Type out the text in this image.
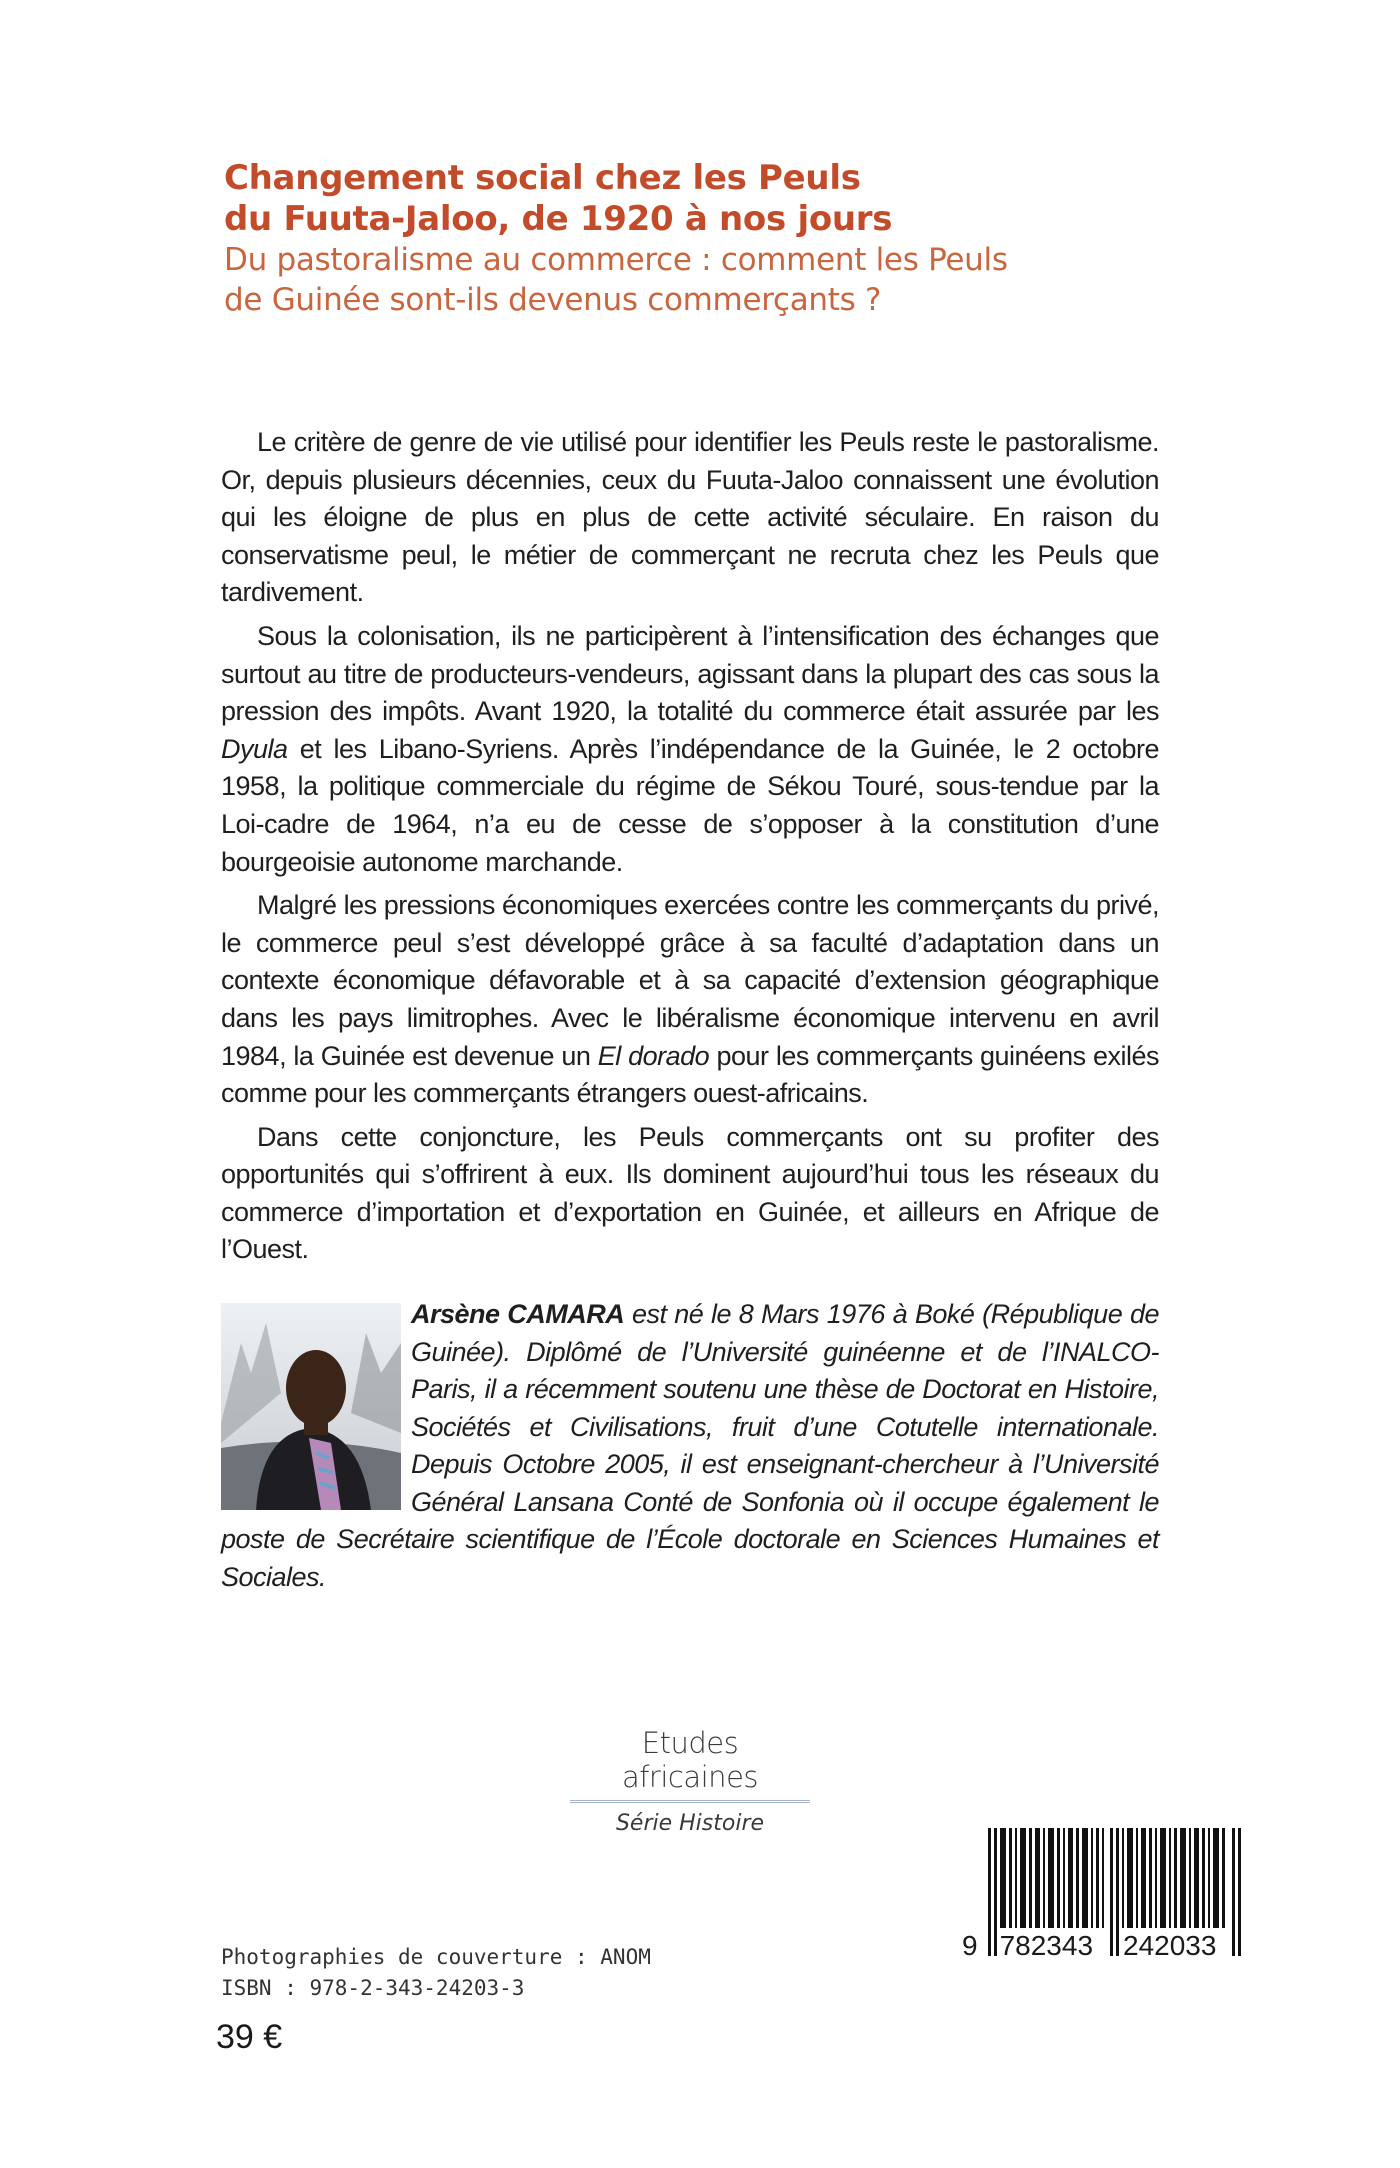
Changement social chez les Peuls
du Fuuta-Jaloo, de 1920 à nos jours
Du pastoralisme au commerce : comment les Peuls
de Guinée sont-ils devenus commerçants ?

Le critère de genre de vie utilisé pour identifier les Peuls reste le pastoralisme. Or, depuis plusieurs décennies, ceux du Fuuta-Jaloo connaissent une évolution qui les éloigne de plus en plus de cette activité séculaire. En raison du conservatisme peul, le métier de commerçant ne recruta chez les Peuls que tardivement.

Sous la colonisation, ils ne participèrent à l’intensification des échanges que surtout au titre de producteurs-vendeurs, agissant dans la plupart des cas sous la pression des impôts. Avant 1920, la totalité du commerce était assurée par les Dyula et les Libano-Syriens. Après l’indépendance de la Guinée, le 2 octobre 1958, la politique commerciale du régime de Sékou Touré, sous-tendue par la Loi-cadre de 1964, n’a eu de cesse de s’opposer à la constitution d’une bourgeoisie autonome marchande.

Malgré les pressions économiques exercées contre les commerçants du privé, le commerce peul s’est développé grâce à sa faculté d’adaptation dans un contexte économique défavorable et à sa capacité d’extension géographique dans les pays limitrophes. Avec le libéralisme économique intervenu en avril 1984, la Guinée est devenue un El dorado pour les commerçants guinéens exilés comme pour les commerçants étrangers ouest-africains.

Dans cette conjoncture, les Peuls commerçants ont su profiter des opportunités qui s’offrirent à eux. Ils dominent aujourd’hui tous les réseaux du commerce d’importation et d’exportation en Guinée, et ailleurs en Afrique de l’Ouest.

Arsène CAMARA est né le 8 Mars 1976 à Boké (République de Guinée). Diplômé de l’Université guinéenne et de l’INALCO-Paris, il a récemment soutenu une thèse de Doctorat en Histoire, Sociétés et Civilisations, fruit d’une Cotutelle internationale. Depuis Octobre 2005, il est enseignant-chercheur à l’Université Général Lansana Conté de Sonfonia où il occupe également le poste de Secrétaire scientifique de l’École doctorale en Sciences Humaines et Sociales.
Etudes africaines
Série Histoire
9 782343 242033
Photographies de couverture : ANOM
ISBN : 978-2-343-24203-3
39 €
